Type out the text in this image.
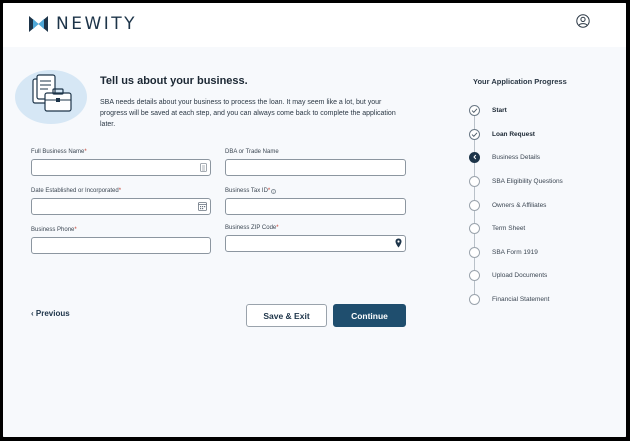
NEWITY
Tell us about your business.
SBA needs details about your business to process the loan. It may seem like a lot, but your progress will be saved at each step, and you can always come back to complete the application later.
Full Business Name*	DBA or Trade Name
Date Established or Incorporated*	Business Tax ID* i
Business Phone*	Business ZIP Code*
‹ Previous	Save & Exit	Continue
Your Application Progress
Start
Loan Request
Business Details
SBA Eligibility Questions
Owners & Affiliates
Term Sheet
SBA Form 1919
Upload Documents
Financial Statement
